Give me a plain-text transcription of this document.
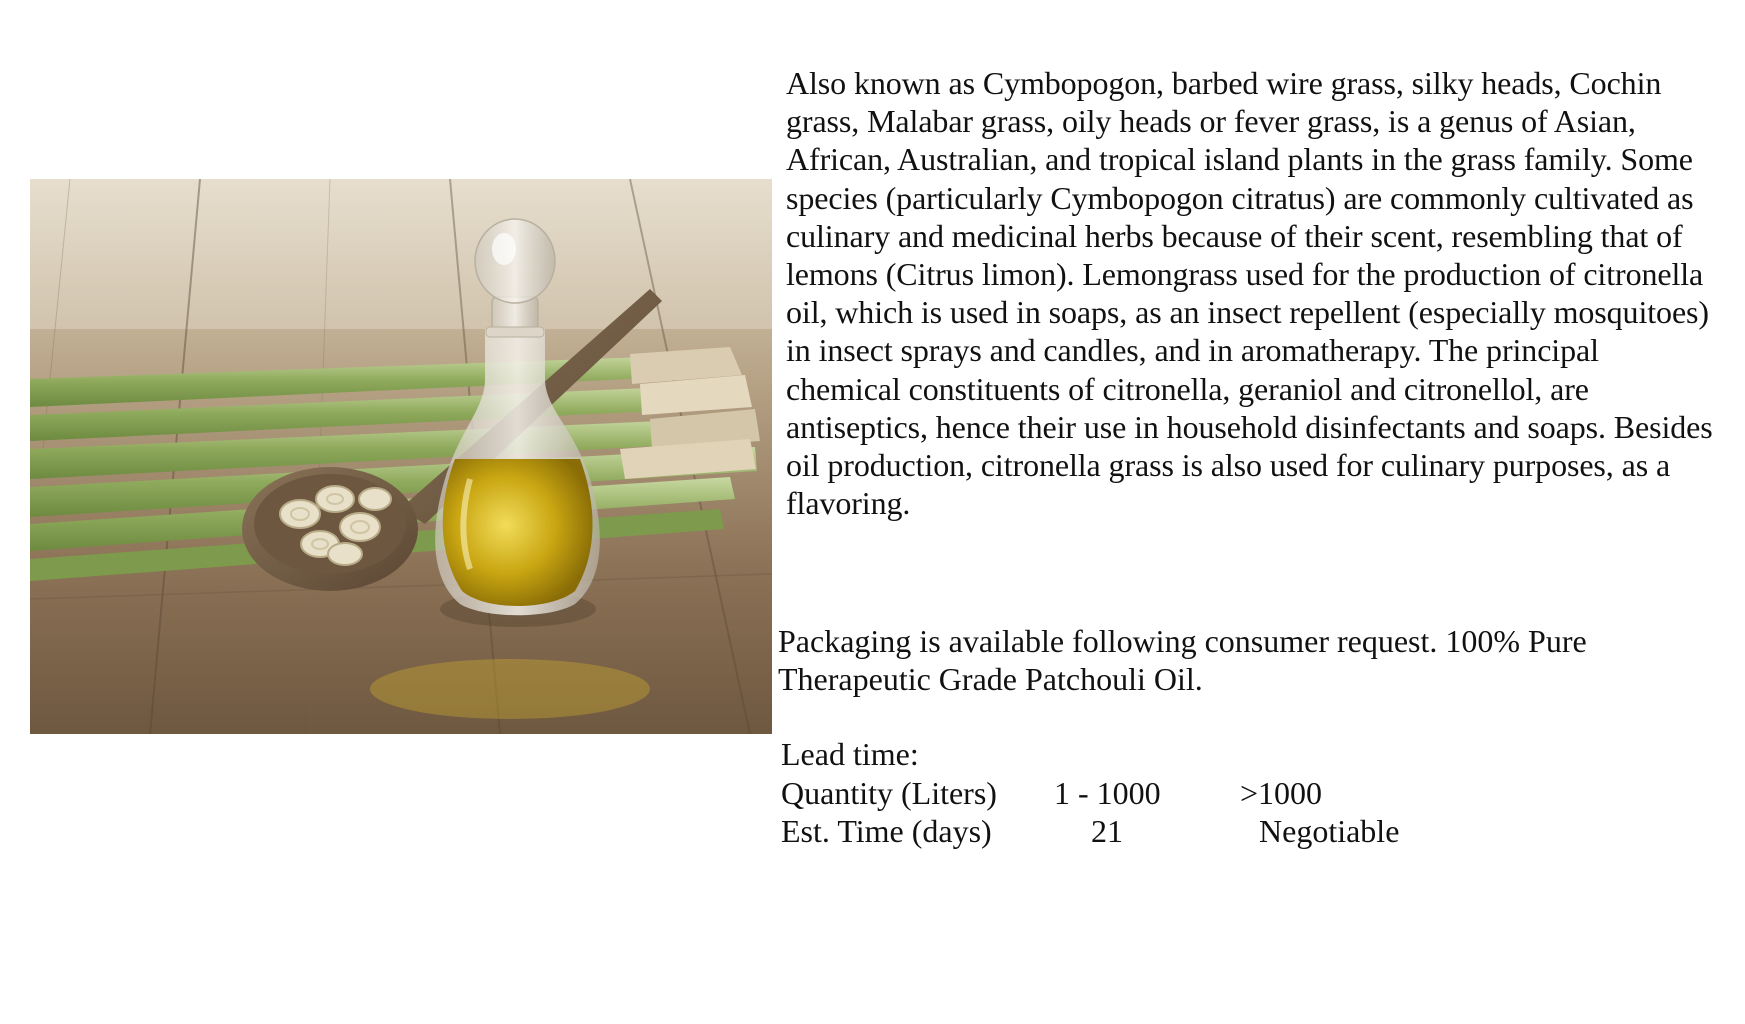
Also known as Cymbopogon, barbed wire grass, silky heads, Cochin grass, Malabar grass, oily heads or fever grass, is a genus of Asian, African, Australian, and tropical island plants in the grass family. Some species (particularly Cymbopogon citratus) are commonly cultivated as culinary and medicinal herbs because of their scent, resembling that of lemons (Citrus limon). Lemongrass used for the production of citronella oil, which is used in soaps, as an insect repellent (especially mosquitoes) in insect sprays and candles, and in aromatherapy. The principal chemical constituents of citronella, geraniol and citronellol, are antiseptics, hence their use in household disinfectants and soaps. Besides oil production, citronella grass is also used for culinary purposes, as a flavoring.

Packaging is available following consumer request. 100% Pure Therapeutic Grade Patchouli Oil.

Lead time:
Quantity (Liters) 1 - 1000 >1000
Est. Time (days)	21	Negotiable
